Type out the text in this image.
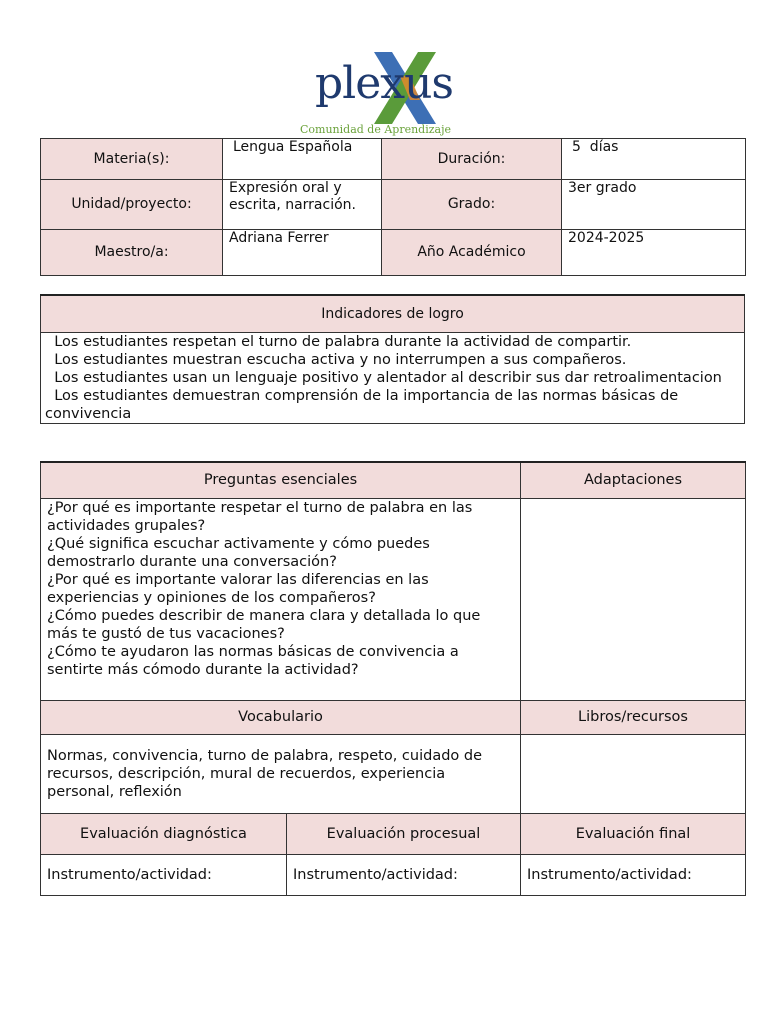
plexus
Comunidad de Aprendizaje
Materia(s):	Lengua Española	Duración:	5  días
Unidad/proyecto:	Expresión oral y escrita, narración.	Grado:	3er grado
Maestro/a:	Adriana Ferrer	Año Académico	2024-2025
Indicadores de logro

Los estudiantes respetan el turno de palabra durante la actividad de compartir.
Los estudiantes muestran escucha activa y no interrumpen a sus compañeros.
Los estudiantes usan un lenguaje positivo y alentador al describir sus dar retroalimentacion
Los estudiantes demuestran comprensión de la importancia de las normas básicas de convivencia
Preguntas esenciales		Adaptaciones

¿Por qué es importante respetar el turno de palabra en las actividades grupales?
¿Qué significa escuchar activamente y cómo puedes demostrarlo durante una conversación?
¿Por qué es importante valorar las diferencias en las experiencias y opiniones de los compañeros?
¿Cómo puedes describir de manera clara y detallada lo que más te gustó de tus vacaciones?
¿Cómo te ayudaron las normas básicas de convivencia a sentirte más cómodo durante la actividad?		

Vocabulario		Libros/recursos
Normas, convivencia, turno de palabra, respeto, cuidado de recursos, descripción, mural de recuerdos, experiencia personal, reflexión		
Evaluación diagnóstica	Evaluación procesual	Evaluación final
Instrumento/actividad:	Instrumento/actividad:	Instrumento/actividad:
